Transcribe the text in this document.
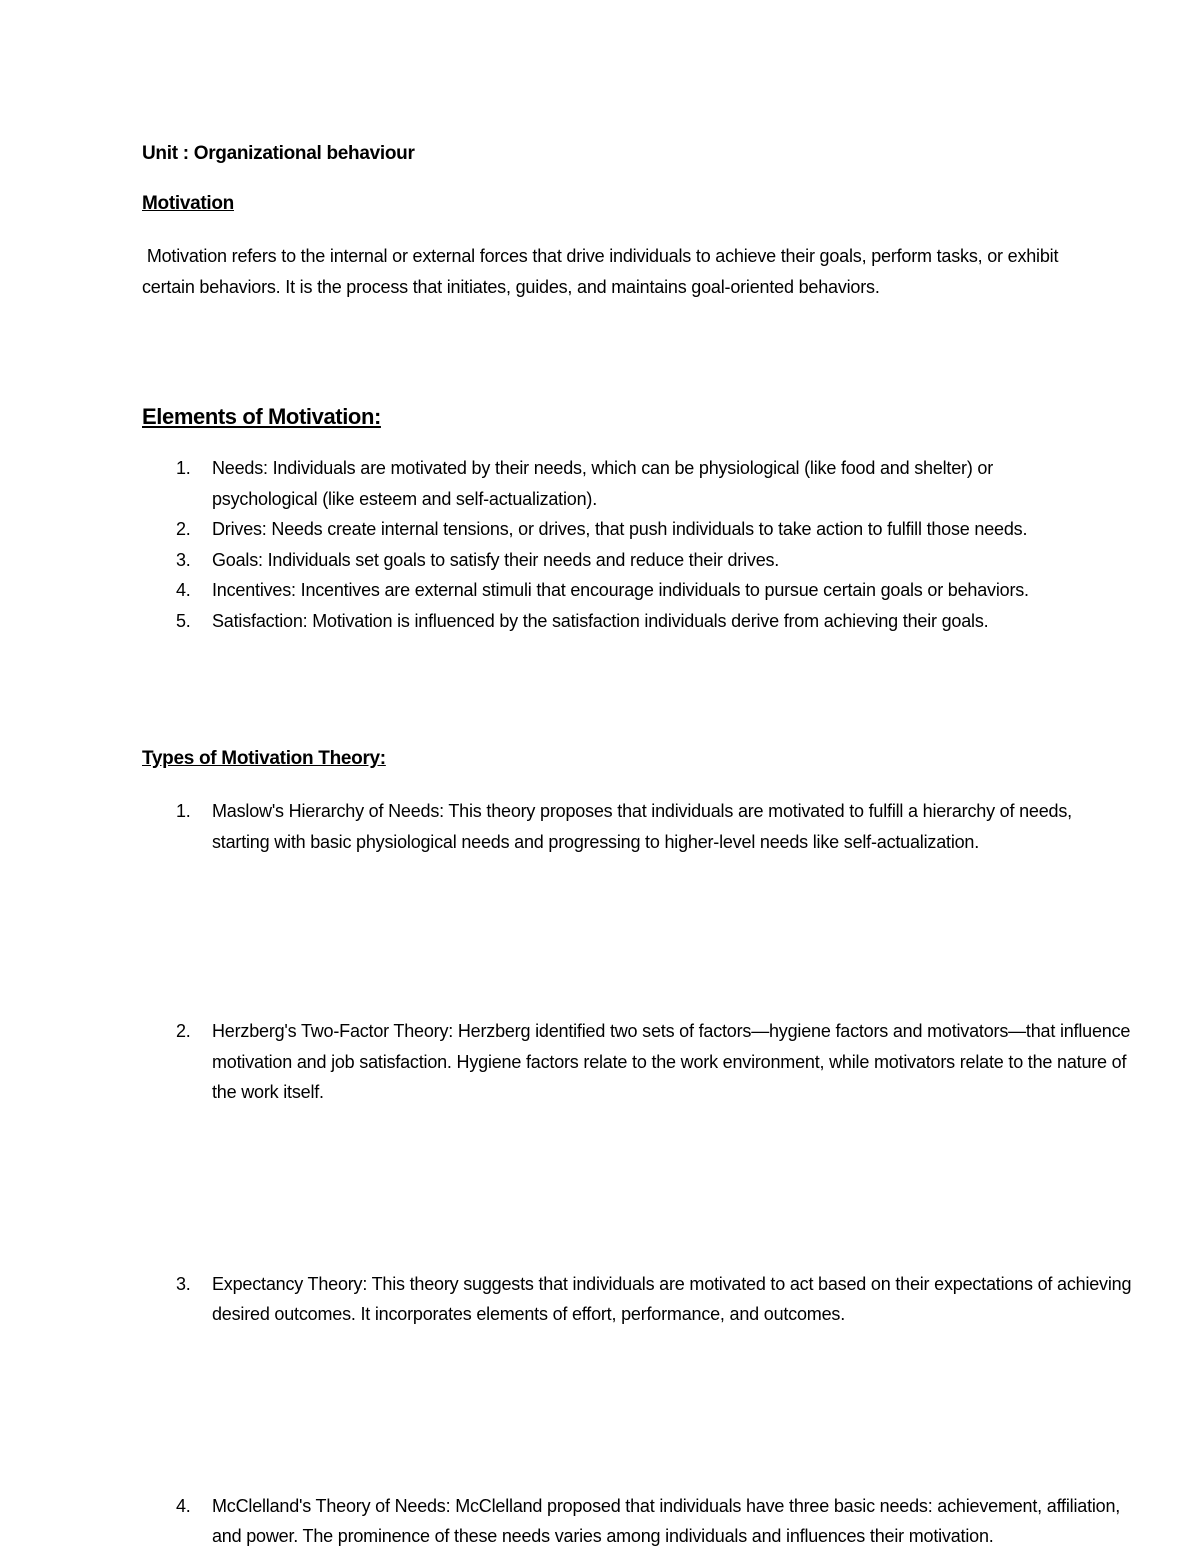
Unit : Organizational behaviour
Motivation
Motivation refers to the internal or external forces that drive individuals to achieve their goals, perform tasks, or exhibit certain behaviors. It is the process that initiates, guides, and maintains goal-oriented behaviors.
Elements of Motivation:
1. Needs: Individuals are motivated by their needs, which can be physiological (like food and shelter) or psychological (like esteem and self-actualization).
2. Drives: Needs create internal tensions, or drives, that push individuals to take action to fulfill those needs.
3. Goals: Individuals set goals to satisfy their needs and reduce their drives.
4. Incentives: Incentives are external stimuli that encourage individuals to pursue certain goals or behaviors.
5. Satisfaction: Motivation is influenced by the satisfaction individuals derive from achieving their goals.
Types of Motivation Theory:
1. Maslow's Hierarchy of Needs: This theory proposes that individuals are motivated to fulfill a hierarchy of needs, starting with basic physiological needs and progressing to higher-level needs like self-actualization.
2. Herzberg's Two-Factor Theory: Herzberg identified two sets of factors—hygiene factors and motivators—that influence motivation and job satisfaction. Hygiene factors relate to the work environment, while motivators relate to the nature of the work itself.
3. Expectancy Theory: This theory suggests that individuals are motivated to act based on their expectations of achieving desired outcomes. It incorporates elements of effort, performance, and outcomes.
4. McClelland's Theory of Needs: McClelland proposed that individuals have three basic needs: achievement, affiliation, and power. The prominence of these needs varies among individuals and influences their motivation.
